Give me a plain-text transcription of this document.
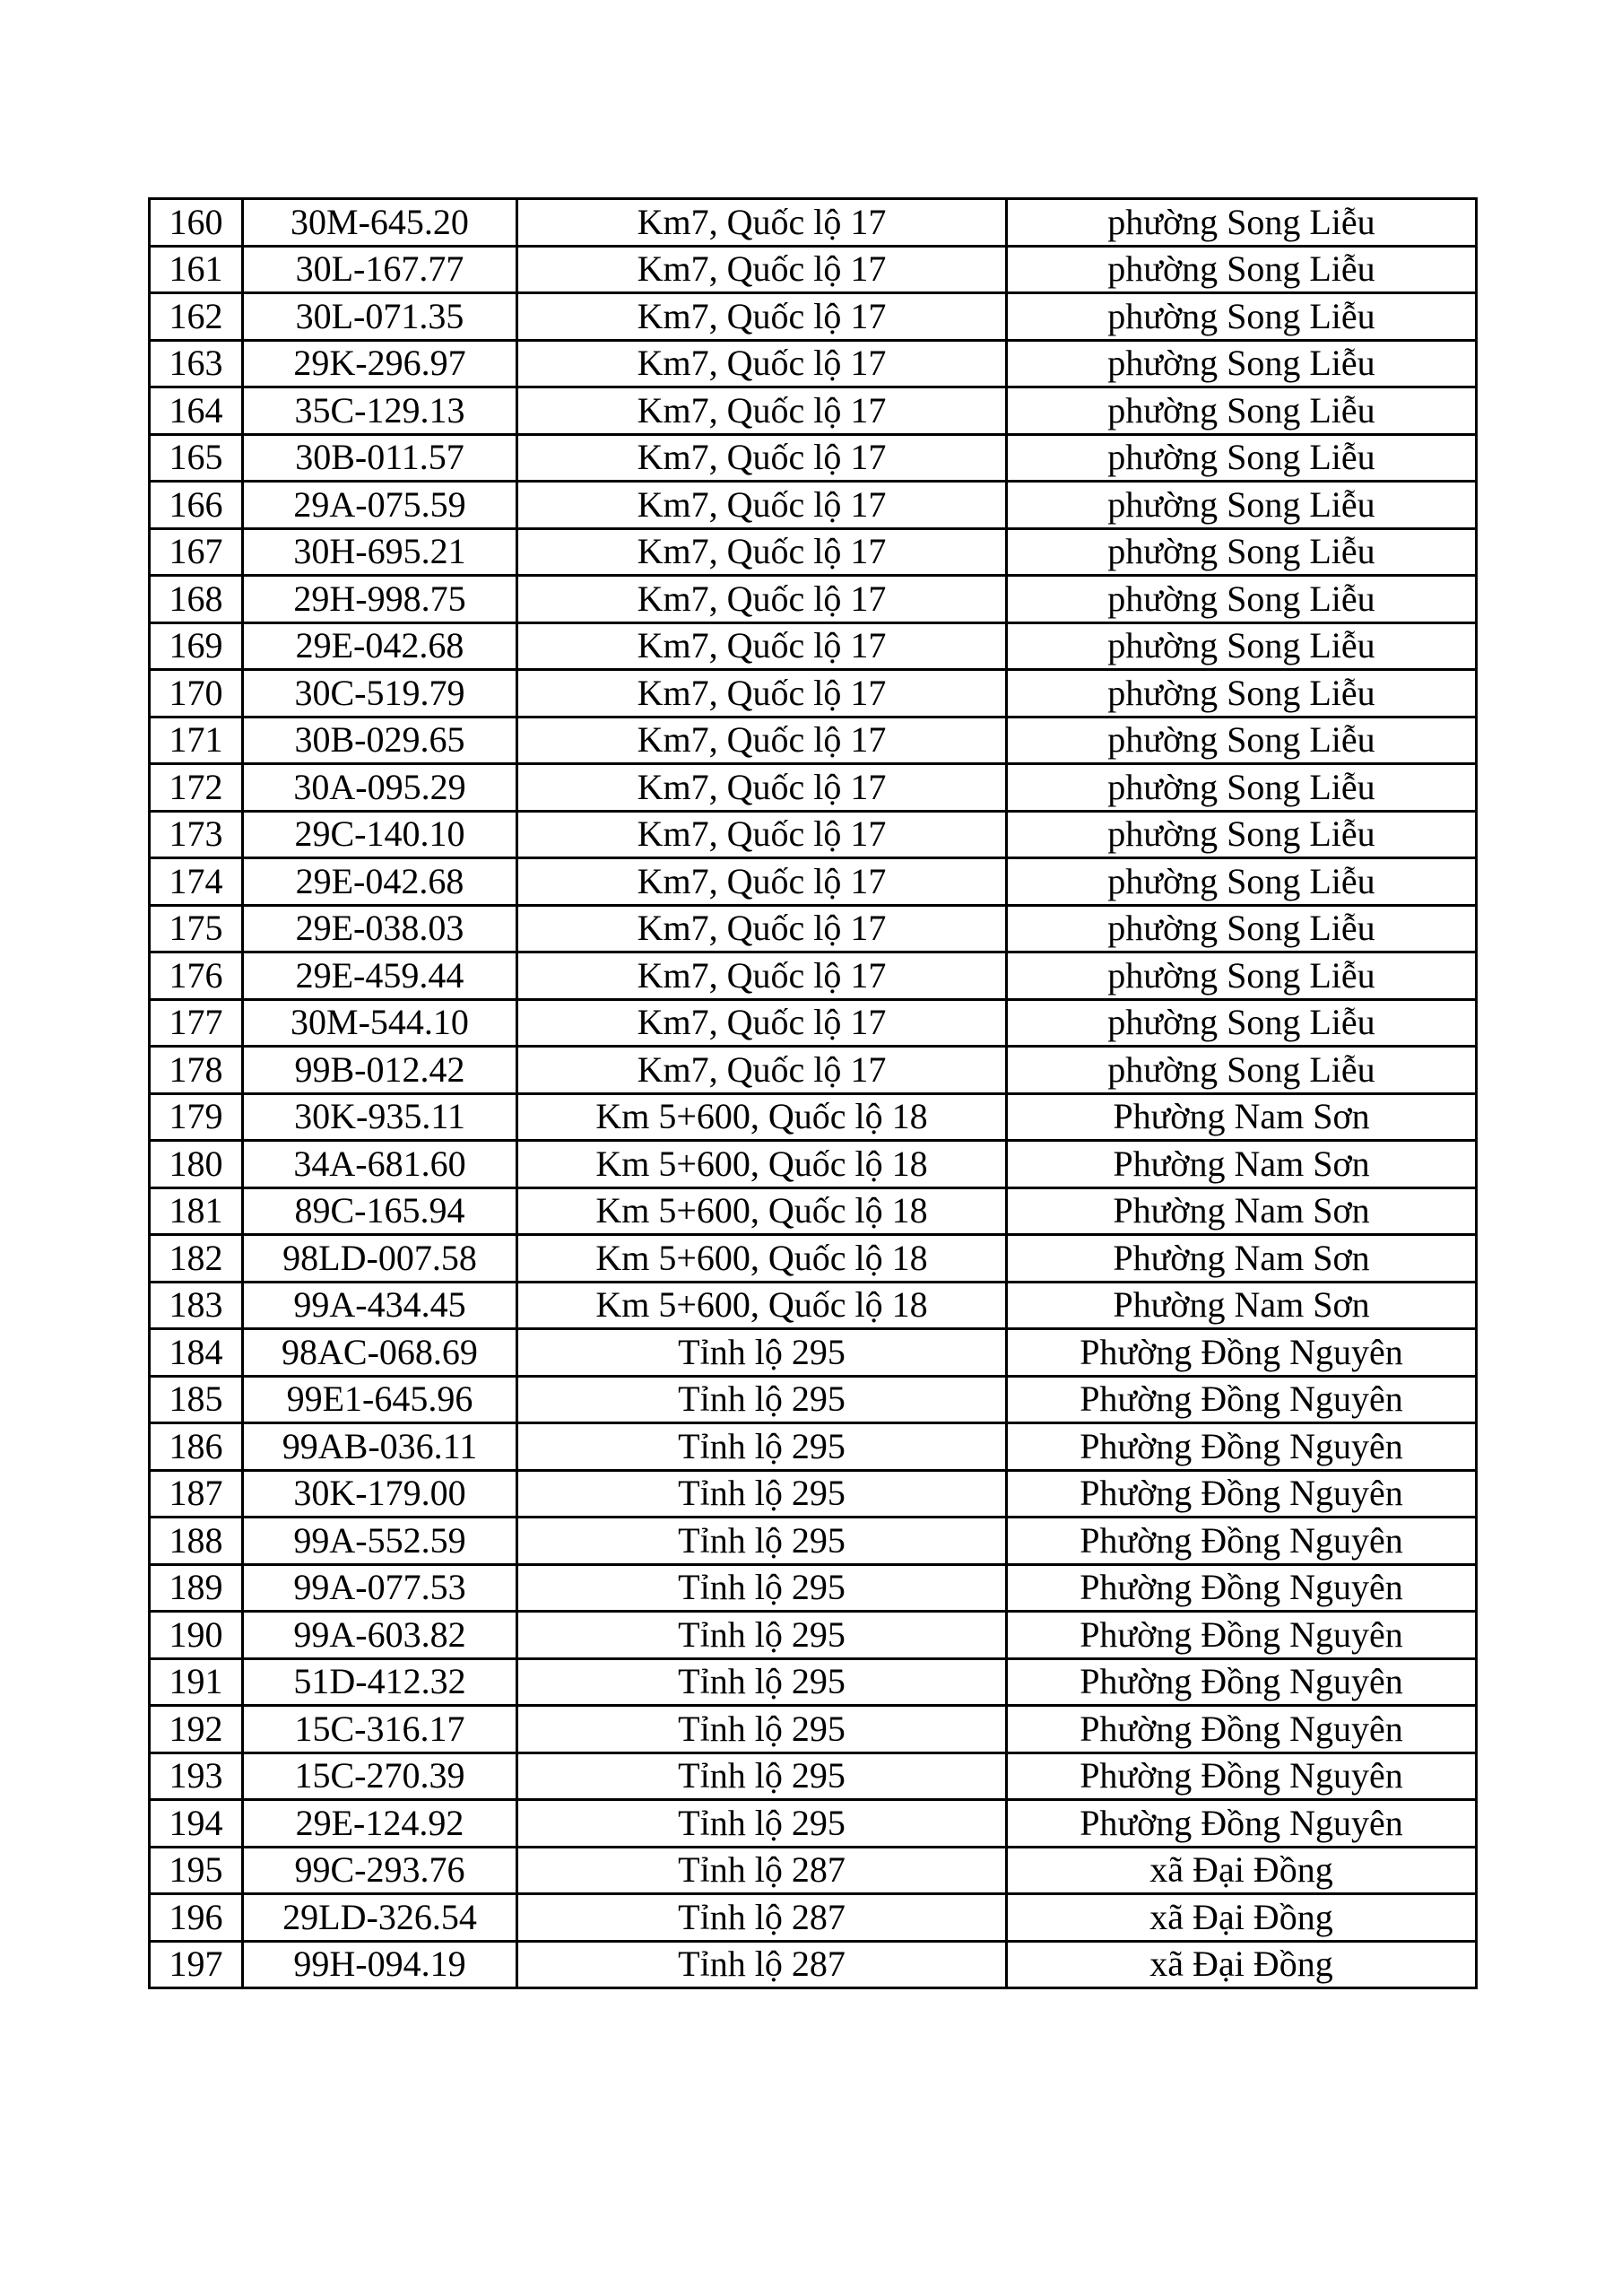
160	30M-645.20	Km7, Quốc lộ 17	phường Song Liễu
161	30L-167.77	Km7, Quốc lộ 17	phường Song Liễu
162	30L-071.35	Km7, Quốc lộ 17	phường Song Liễu
163	29K-296.97	Km7, Quốc lộ 17	phường Song Liễu
164	35C-129.13	Km7, Quốc lộ 17	phường Song Liễu
165	30B-011.57	Km7, Quốc lộ 17	phường Song Liễu
166	29A-075.59	Km7, Quốc lộ 17	phường Song Liễu
167	30H-695.21	Km7, Quốc lộ 17	phường Song Liễu
168	29H-998.75	Km7, Quốc lộ 17	phường Song Liễu
169	29E-042.68	Km7, Quốc lộ 17	phường Song Liễu
170	30C-519.79	Km7, Quốc lộ 17	phường Song Liễu
171	30B-029.65	Km7, Quốc lộ 17	phường Song Liễu
172	30A-095.29	Km7, Quốc lộ 17	phường Song Liễu
173	29C-140.10	Km7, Quốc lộ 17	phường Song Liễu
174	29E-042.68	Km7, Quốc lộ 17	phường Song Liễu
175	29E-038.03	Km7, Quốc lộ 17	phường Song Liễu
176	29E-459.44	Km7, Quốc lộ 17	phường Song Liễu
177	30M-544.10	Km7, Quốc lộ 17	phường Song Liễu
178	99B-012.42	Km7, Quốc lộ 17	phường Song Liễu
179	30K-935.11	Km 5+600, Quốc lộ 18	Phường Nam Sơn
180	34A-681.60	Km 5+600, Quốc lộ 18	Phường Nam Sơn
181	89C-165.94	Km 5+600, Quốc lộ 18	Phường Nam Sơn
182	98LD-007.58	Km 5+600, Quốc lộ 18	Phường Nam Sơn
183	99A-434.45	Km 5+600, Quốc lộ 18	Phường Nam Sơn
184	98AC-068.69	Tỉnh lộ 295	Phường Đồng Nguyên
185	99E1-645.96	Tỉnh lộ 295	Phường Đồng Nguyên
186	99AB-036.11	Tỉnh lộ 295	Phường Đồng Nguyên
187	30K-179.00	Tỉnh lộ 295	Phường Đồng Nguyên
188	99A-552.59	Tỉnh lộ 295	Phường Đồng Nguyên
189	99A-077.53	Tỉnh lộ 295	Phường Đồng Nguyên
190	99A-603.82	Tỉnh lộ 295	Phường Đồng Nguyên
191	51D-412.32	Tỉnh lộ 295	Phường Đồng Nguyên
192	15C-316.17	Tỉnh lộ 295	Phường Đồng Nguyên
193	15C-270.39	Tỉnh lộ 295	Phường Đồng Nguyên
194	29E-124.92	Tỉnh lộ 295	Phường Đồng Nguyên
195	99C-293.76	Tỉnh lộ 287	xã Đại Đồng
196	29LD-326.54	Tỉnh lộ 287	xã Đại Đồng
197	99H-094.19	Tỉnh lộ 287	xã Đại Đồng
